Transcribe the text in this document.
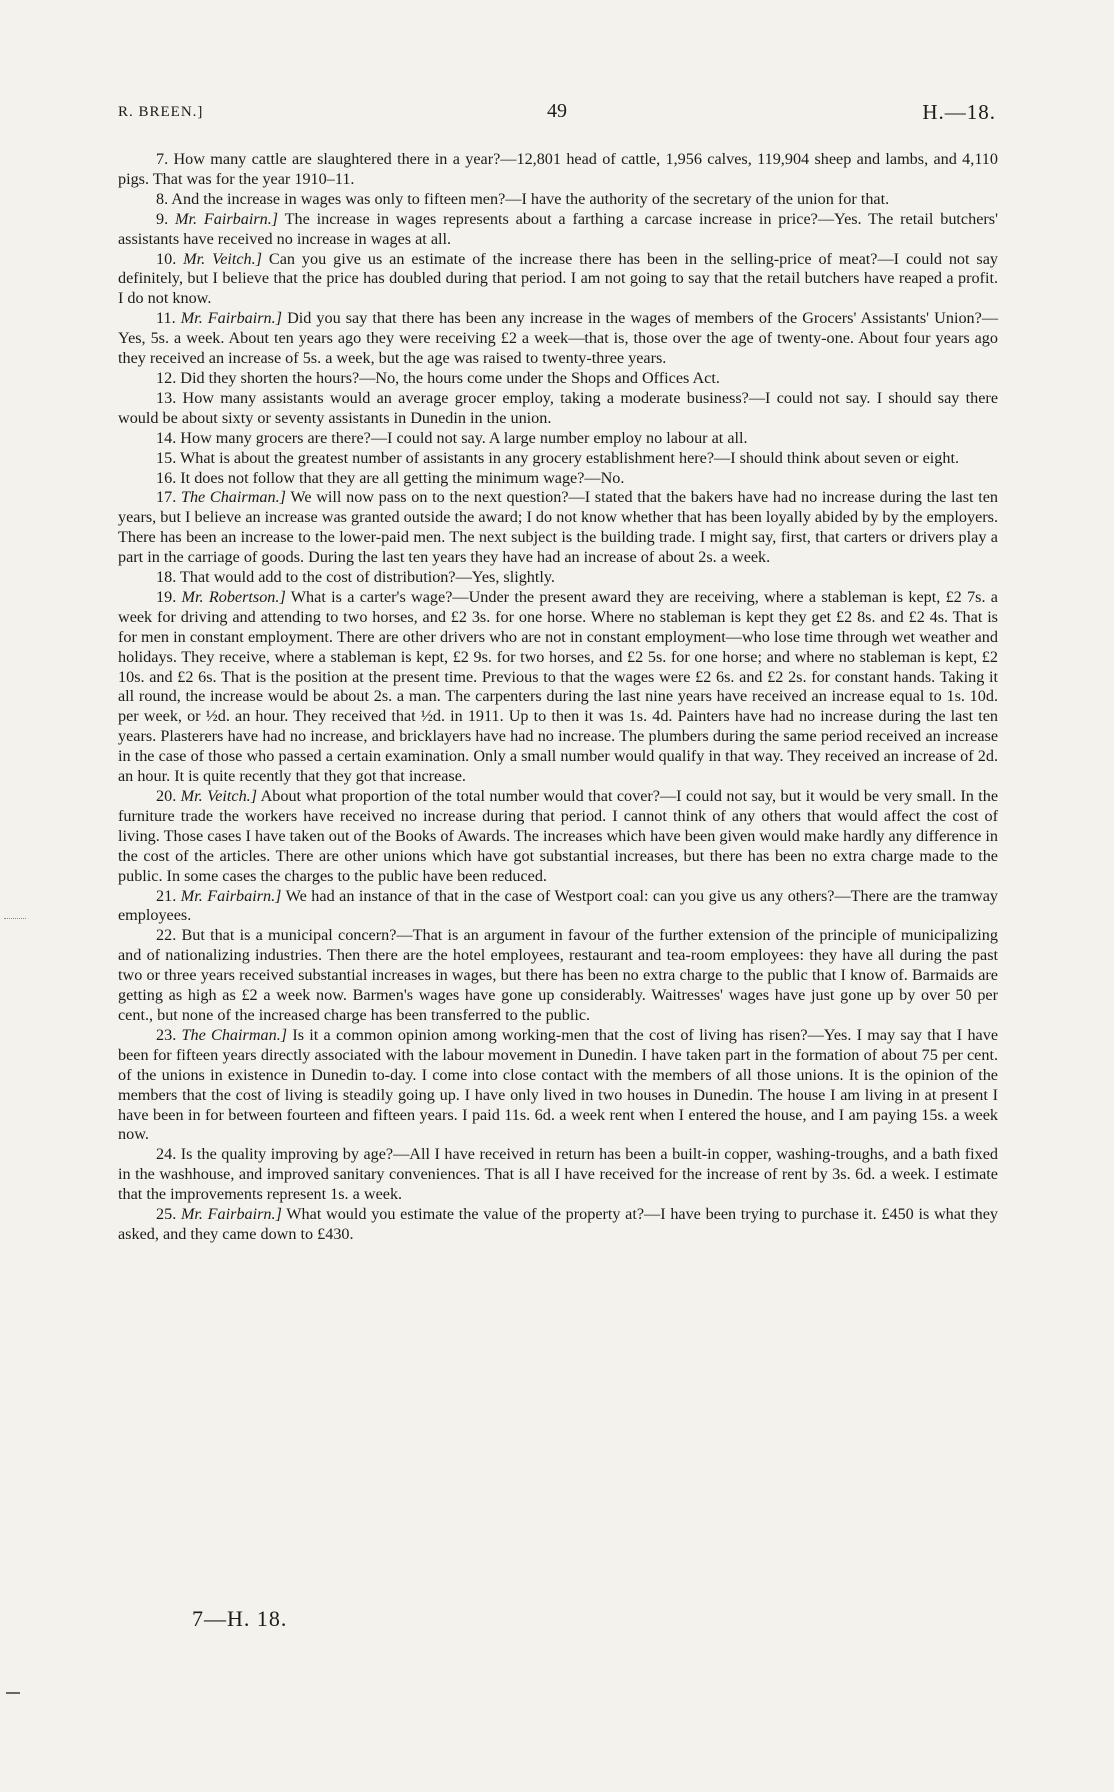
R. BREEN.]	49	H.—18.

7. How many cattle are slaughtered there in a year?—12,801 head of cattle, 1,956 calves, 119,904 sheep and lambs, and 4,110 pigs. That was for the year 1910–11.

8. And the increase in wages was only to fifteen men?—I have the authority of the secretary of the union for that.

9. Mr. Fairbairn.] The increase in wages represents about a farthing a carcase increase in price?—Yes. The retail butchers' assistants have received no increase in wages at all.

10. Mr. Veitch.] Can you give us an estimate of the increase there has been in the selling-price of meat?—I could not say definitely, but I believe that the price has doubled during that period. I am not going to say that the retail butchers have reaped a profit. I do not know.

11. Mr. Fairbairn.] Did you say that there has been any increase in the wages of members of the Grocers' Assistants' Union?—Yes, 5s. a week. About ten years ago they were receiving £2 a week—that is, those over the age of twenty-one. About four years ago they received an increase of 5s. a week, but the age was raised to twenty-three years.

12. Did they shorten the hours?—No, the hours come under the Shops and Offices Act.

13. How many assistants would an average grocer employ, taking a moderate business?—I could not say. I should say there would be about sixty or seventy assistants in Dunedin in the union.

14. How many grocers are there?—I could not say. A large number employ no labour at all.

15. What is about the greatest number of assistants in any grocery establishment here?—I should think about seven or eight.

16. It does not follow that they are all getting the minimum wage?—No.

17. The Chairman.] We will now pass on to the next question?—I stated that the bakers have had no increase during the last ten years, but I believe an increase was granted outside the award; I do not know whether that has been loyally abided by by the employers. There has been an increase to the lower-paid men. The next subject is the building trade. I might say, first, that carters or drivers play a part in the carriage of goods. During the last ten years they have had an increase of about 2s. a week.

18. That would add to the cost of distribution?—Yes, slightly.

19. Mr. Robertson.] What is a carter's wage?—Under the present award they are receiving, where a stableman is kept, £2 7s. a week for driving and attending to two horses, and £2 3s. for one horse. Where no stableman is kept they get £2 8s. and £2 4s. That is for men in constant employment. There are other drivers who are not in constant employment—who lose time through wet weather and holidays. They receive, where a stableman is kept, £2 9s. for two horses, and £2 5s. for one horse; and where no stableman is kept, £2 10s. and £2 6s. That is the position at the present time. Previous to that the wages were £2 6s. and £2 2s. for constant hands. Taking it all round, the increase would be about 2s. a man. The carpenters during the last nine years have received an increase equal to 1s. 10d. per week, or ½d. an hour. They received that ½d. in 1911. Up to then it was 1s. 4d. Painters have had no increase during the last ten years. Plasterers have had no increase, and bricklayers have had no increase. The plumbers during the same period received an increase in the case of those who passed a certain examination. Only a small number would qualify in that way. They received an increase of 2d. an hour. It is quite recently that they got that increase.

20. Mr. Veitch.] About what proportion of the total number would that cover?—I could not say, but it would be very small. In the furniture trade the workers have received no increase during that period. I cannot think of any others that would affect the cost of living. Those cases I have taken out of the Books of Awards. The increases which have been given would make hardly any difference in the cost of the articles. There are other unions which have got substantial increases, but there has been no extra charge made to the public. In some cases the charges to the public have been reduced.

21. Mr. Fairbairn.] We had an instance of that in the case of Westport coal: can you give us any others?—There are the tramway employees.

22. But that is a municipal concern?—That is an argument in favour of the further extension of the principle of municipalizing and of nationalizing industries. Then there are the hotel employees, restaurant and tea-room employees: they have all during the past two or three years received substantial increases in wages, but there has been no extra charge to the public that I know of. Barmaids are getting as high as £2 a week now. Barmen's wages have gone up considerably. Waitresses' wages have just gone up by over 50 per cent., but none of the increased charge has been transferred to the public.

23. The Chairman.] Is it a common opinion among working-men that the cost of living has risen?—Yes. I may say that I have been for fifteen years directly associated with the labour movement in Dunedin. I have taken part in the formation of about 75 per cent. of the unions in existence in Dunedin to-day. I come into close contact with the members of all those unions. It is the opinion of the members that the cost of living is steadily going up. I have only lived in two houses in Dunedin. The house I am living in at present I have been in for between fourteen and fifteen years. I paid 11s. 6d. a week rent when I entered the house, and I am paying 15s. a week now.

24. Is the quality improving by age?—All I have received in return has been a built-in copper, washing-troughs, and a bath fixed in the washhouse, and improved sanitary conveniences. That is all I have received for the increase of rent by 3s. 6d. a week. I estimate that the improvements represent 1s. a week.

25. Mr. Fairbairn.] What would you estimate the value of the property at?—I have been trying to purchase it. £450 is what they asked, and they came down to £430.

7—H. 18.
